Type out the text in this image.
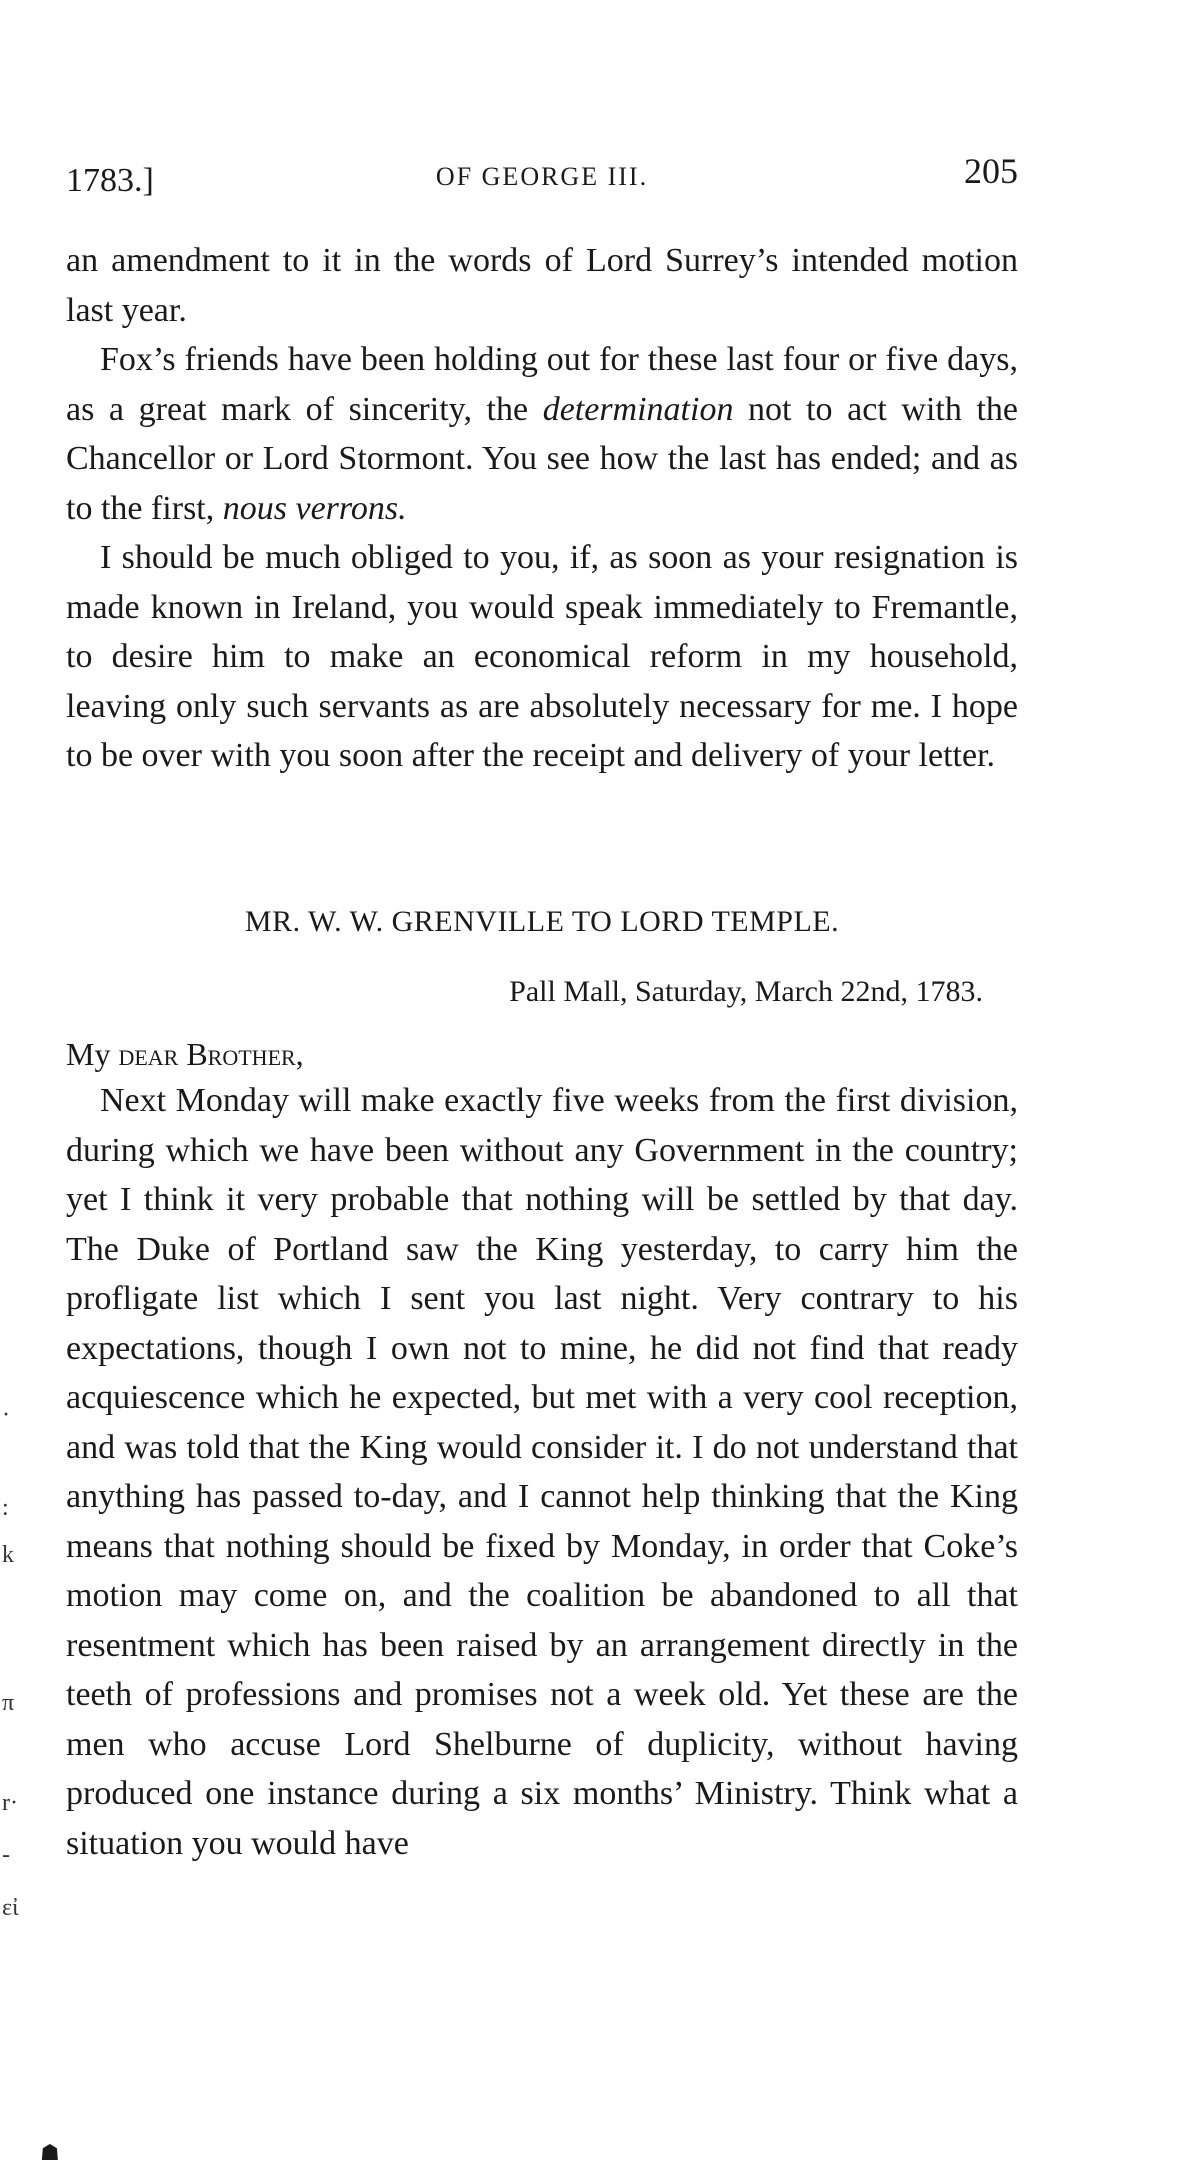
1783.]	OF GEORGE III.	205

an amendment to it in the words of Lord Surrey’s intended motion last year.

Fox’s friends have been holding out for these last four or five days, as a great mark of sincerity, the determination not to act with the Chancellor or Lord Stormont. You see how the last has ended; and as to the first, nous verrons.

I should be much obliged to you, if, as soon as your resignation is made known in Ireland, you would speak immediately to Fremantle, to desire him to make an economical reform in my household, leaving only such servants as are absolutely necessary for me. I hope to be over with you soon after the receipt and delivery of your letter.

MR. W. W. GRENVILLE TO LORD TEMPLE.
Pall Mall, Saturday, March 22nd, 1783.
My dear Brother,

Next Monday will make exactly five weeks from the first division, during which we have been without any Government in the country; yet I think it very probable that nothing will be settled by that day. The Duke of Portland saw the King yesterday, to carry him the profligate list which I sent you last night. Very contrary to his expectations, though I own not to mine, he did not find that ready acquiescence which he expected, but met with a very cool reception, and was told that the King would consider it. I do not understand that anything has passed to-day, and I cannot help thinking that the King means that nothing should be fixed by Monday, in order that Coke’s motion may come on, and the coalition be abandoned to all that resentment which has been raised by an arrangement directly in the teeth of professions and promises not a week old. Yet these are the men who accuse Lord Shelburne of duplicity, without having produced one instance during a six months’ Ministry. Think what a situation you would have

·
:
k
π
r·
-
εἰ
☗
